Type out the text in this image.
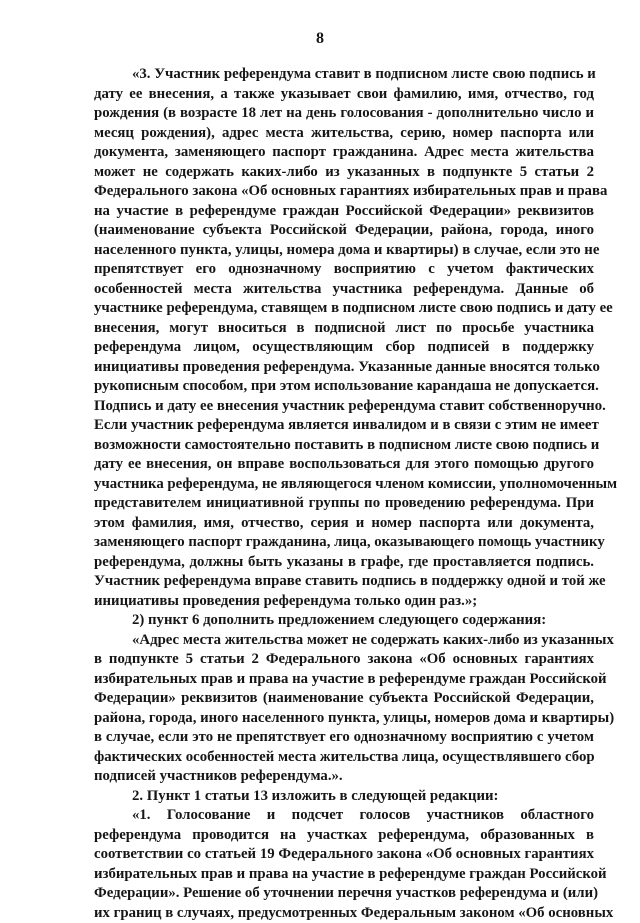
8
«3. Участник референдума ставит в подписном листе свою подпись и
дату ее внесения, а также указывает свои фамилию, имя, отчество, год
рождения (в возрасте 18 лет на день голосования - дополнительно число и
месяц рождения), адрес места жительства, серию, номер паспорта или
документа, заменяющего паспорт гражданина. Адрес места жительства
может не содержать каких-либо из указанных в подпункте 5 статьи 2
Федерального закона «Об основных гарантиях избирательных прав и права
на участие в референдуме граждан Российской Федерации» реквизитов
(наименование субъекта Российской Федерации, района, города, иного
населенного пункта, улицы, номера дома и квартиры) в случае, если это не
препятствует его однозначному восприятию с учетом фактических
особенностей места жительства участника референдума. Данные об
участнике референдума, ставящем в подписном листе свою подпись и дату ее
внесения, могут вноситься в подписной лист по просьбе участника
референдума лицом, осуществляющим сбор подписей в поддержку
инициативы проведения референдума. Указанные данные вносятся только
рукописным способом, при этом использование карандаша не допускается.
Подпись и дату ее внесения участник референдума ставит собственноручно.
Если участник референдума является инвалидом и в связи с этим не имеет
возможности самостоятельно поставить в подписном листе свою подпись и
дату ее внесения, он вправе воспользоваться для этого помощью другого
участника референдума, не являющегося членом комиссии, уполномоченным
представителем инициативной группы по проведению референдума. При
этом фамилия, имя, отчество, серия и номер паспорта или документа,
заменяющего паспорт гражданина, лица, оказывающего помощь участнику
референдума, должны быть указаны в графе, где проставляется подпись.
Участник референдума вправе ставить подпись в поддержку одной и той же
инициативы проведения референдума только один раз.»;
2) пункт 6 дополнить предложением следующего содержания:
«Адрес места жительства может не содержать каких-либо из указанных
в подпункте 5 статьи 2 Федерального закона «Об основных гарантиях
избирательных прав и права на участие в референдуме граждан Российской
Федерации» реквизитов (наименование субъекта Российской Федерации,
района, города, иного населенного пункта, улицы, номеров дома и квартиры)
в случае, если это не препятствует его однозначному восприятию с учетом
фактических особенностей места жительства лица, осуществлявшего сбор
подписей участников референдума.».
2. Пункт 1 статьи 13 изложить в следующей редакции:
«1. Голосование и подсчет голосов участников областного
референдума проводится на участках референдума, образованных в
соответствии со статьей 19 Федерального закона «Об основных гарантиях
избирательных прав и права на участие в референдуме граждан Российской
Федерации». Решение об уточнении перечня участков референдума и (или)
их границ в случаях, предусмотренных Федеральным законом «Об основных
